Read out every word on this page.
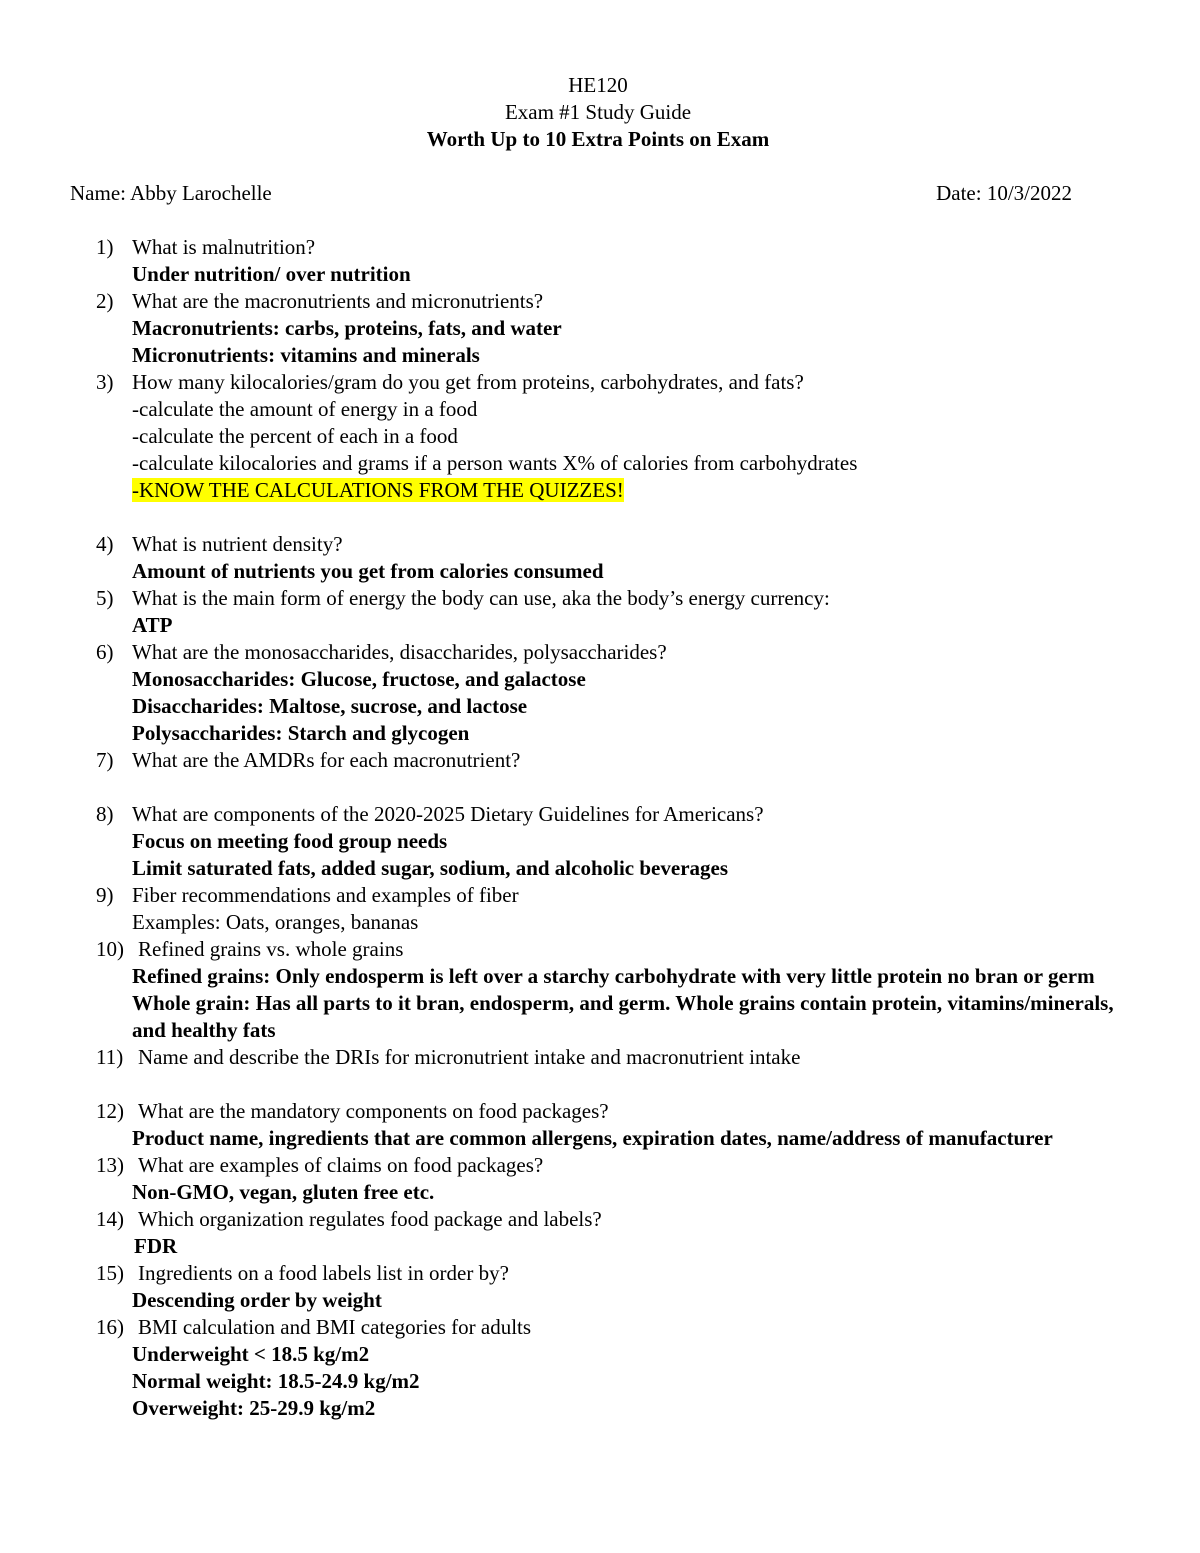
HE120
Exam #1 Study Guide
Worth Up to 10 Extra Points on Exam
Name: Abby Larochelle	Date: 10/3/2022
1) What is malnutrition?
Under nutrition/ over nutrition
2) What are the macronutrients and micronutrients?
Macronutrients: carbs, proteins, fats, and water
Micronutrients: vitamins and minerals
3) How many kilocalories/gram do you get from proteins, carbohydrates, and fats?
-calculate the amount of energy in a food
-calculate the percent of each in a food
-calculate kilocalories and grams if a person wants X% of calories from carbohydrates
-KNOW THE CALCULATIONS FROM THE QUIZZES!
4) What is nutrient density?
Amount of nutrients you get from calories consumed
5) What is the main form of energy the body can use, aka the body’s energy currency:
ATP
6) What are the monosaccharides, disaccharides, polysaccharides?
Monosaccharides: Glucose, fructose, and galactose
Disaccharides: Maltose, sucrose, and lactose
Polysaccharides: Starch and glycogen
7) What are the AMDRs for each macronutrient?
8) What are components of the 2020-2025 Dietary Guidelines for Americans?
Focus on meeting food group needs
Limit saturated fats, added sugar, sodium, and alcoholic beverages
9) Fiber recommendations and examples of fiber
Examples: Oats, oranges, bananas
10) Refined grains vs. whole grains
Refined grains: Only endosperm is left over a starchy carbohydrate with very little protein no bran or germ
Whole grain: Has all parts to it bran, endosperm, and germ. Whole grains contain protein, vitamins/minerals, and healthy fats
11) Name and describe the DRIs for micronutrient intake and macronutrient intake
12) What are the mandatory components on food packages?
Product name, ingredients that are common allergens, expiration dates, name/address of manufacturer
13) What are examples of claims on food packages?
Non-GMO, vegan, gluten free etc.
14) Which organization regulates food package and labels?
FDR
15) Ingredients on a food labels list in order by?
Descending order by weight
16) BMI calculation and BMI categories for adults
Underweight < 18.5 kg/m2
Normal weight: 18.5-24.9 kg/m2
Overweight: 25-29.9 kg/m2
